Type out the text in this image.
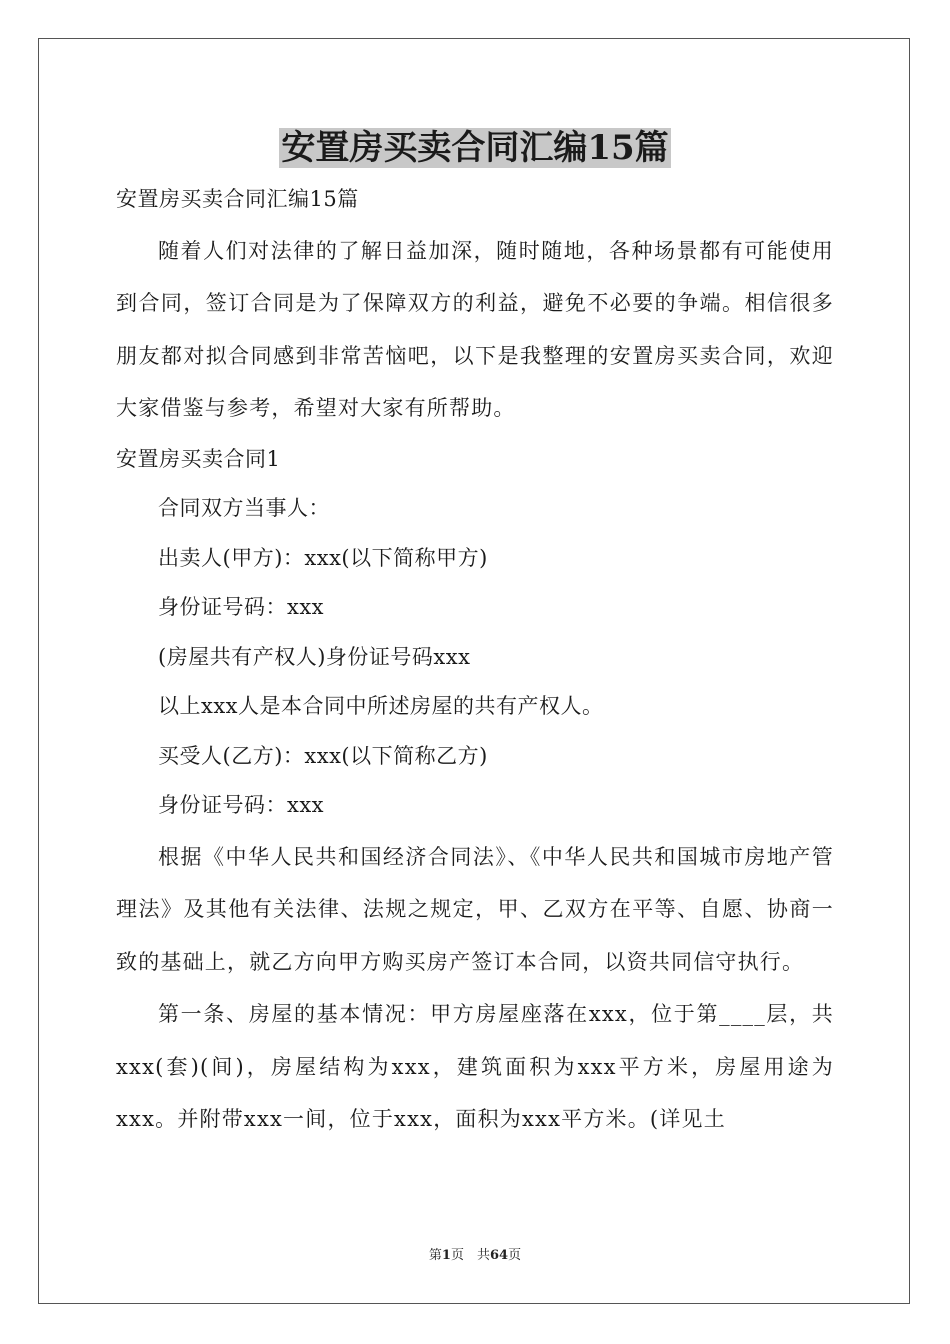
安置房买卖合同汇编15篇

安置房买卖合同汇编15篇

随着人们对法律的了解日益加深，随时随地，各种场景都有可能使用到合同，签订合同是为了保障双方的利益，避免不必要的争端。相信很多朋友都对拟合同感到非常苦恼吧，以下是我整理的安置房买卖合同，欢迎大家借鉴与参考，希望对大家有所帮助。

安置房买卖合同1

合同双方当事人：

出卖人(甲方)：xxx(以下简称甲方)

身份证号码：xxx

(房屋共有产权人)身份证号码xxx

以上xxx人是本合同中所述房屋的共有产权人。

买受人(乙方)：xxx(以下简称乙方)

身份证号码：xxx

根据《中华人民共和国经济合同法》、《中华人民共和国城市房地产管理法》及其他有关法律、法规之规定，甲、乙双方在平等、自愿、协商一致的基础上，就乙方向甲方购买房产签订本合同，以资共同信守执行。

第一条、房屋的基本情况：甲方房屋座落在xxx，位于第____层，共xxx(套)(间)，房屋结构为xxx，建筑面积为xxx平方米，房屋用途为xxx。并附带xxx一间，位于xxx，面积为xxx平方米。(详见土

第1页　共64页
